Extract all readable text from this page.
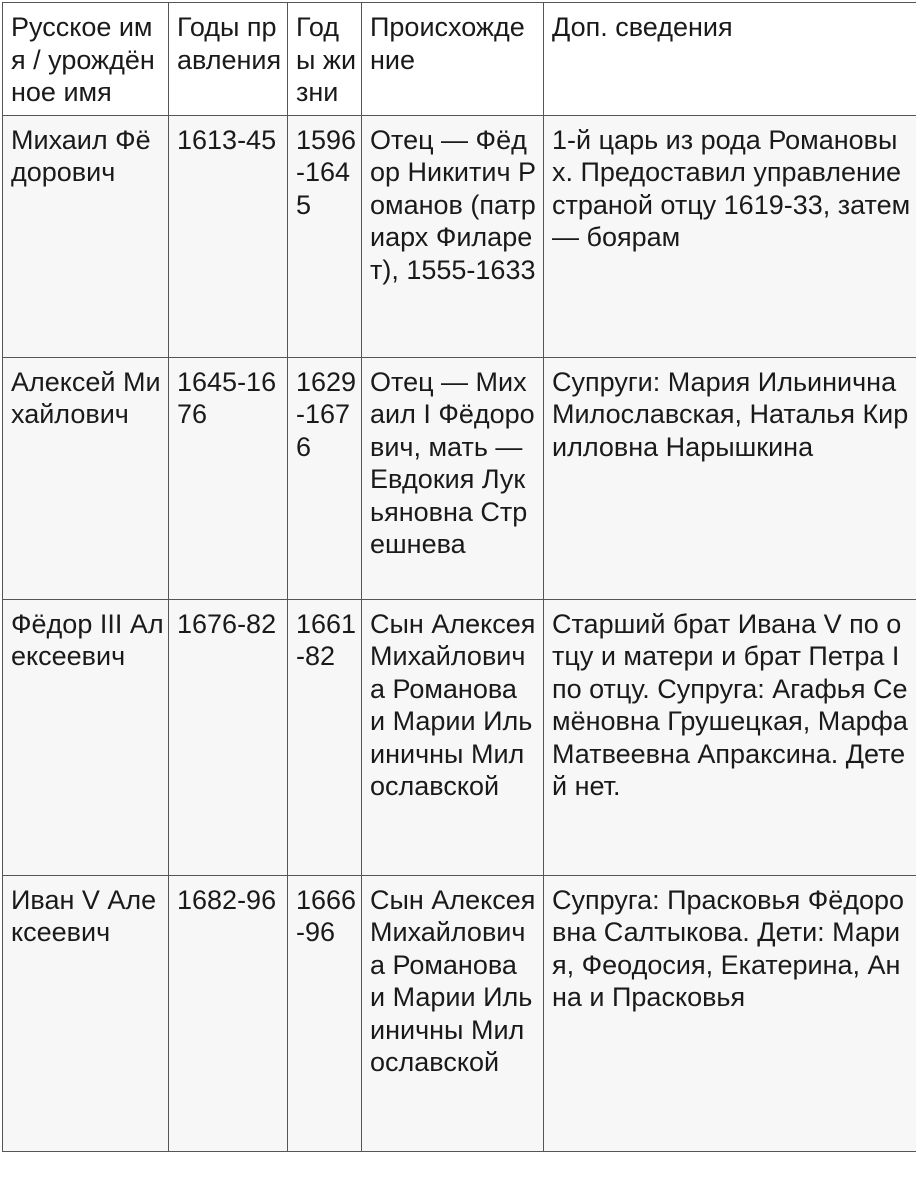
Русское имя / урождённое имя	Годы правления	Годы жизни	Происхождение	Доп. сведения
Михаил Фёдорович	1613-45	1596-1645	Отец — Фёдор Никитич Романов (патриарх Филарет), 1555-1633	1-й царь из рода Романовых. Предоставил управление страной отцу 1619-33, затем — боярам
Алексей Михайлович	1645-1676	1629-1676	Отец — Михаил I Фёдорович, мать — Евдокия Лукьяновна Стрешнева	Супруги: Мария Ильинична Милославская, Наталья Кирилловна Нарышкина
Фёдор III Алексеевич	1676-82	1661-82	Сын Алексея Михайловича Романова и Марии Ильиничны Милославской	Старший брат Ивана V по отцу и матери и брат Петра I по отцу. Супруга: Агафья Семёновна Грушецкая, Марфа Матвеевна Апраксина. Детей нет.
Иван V Алексеевич	1682-96	1666-96	Сын Алексея Михайловича Романова и Марии Ильиничны Милославской	Супруга: Прасковья Фёдоровна Салтыкова. Дети: Мария, Феодосия, Екатерина, Анна и Прасковья
